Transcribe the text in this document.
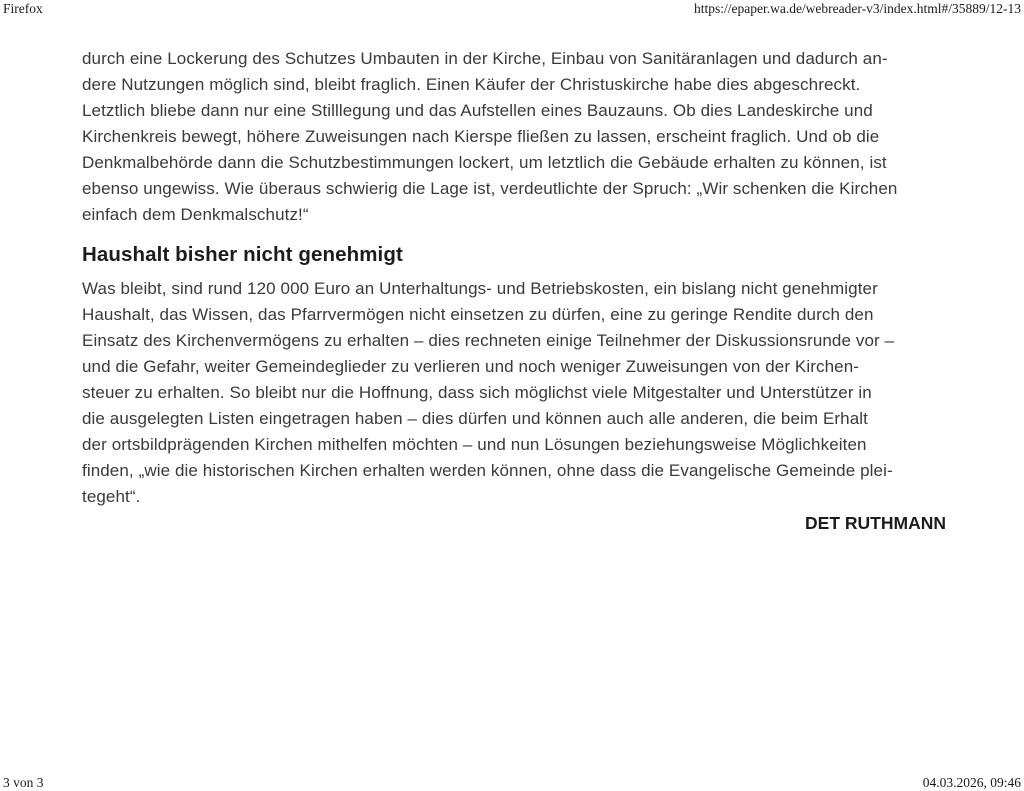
Firefox	https://epaper.wa.de/webreader-v3/index.html#/35889/12-13
durch eine Lockerung des Schutzes Umbauten in der Kirche, Einbau von Sanitäranlagen und dadurch an-
dere Nutzungen möglich sind, bleibt fraglich. Einen Käufer der Christuskirche habe dies abgeschreckt.
Letztlich bliebe dann nur eine Stilllegung und das Aufstellen eines Bauzauns. Ob dies Landeskirche und
Kirchenkreis bewegt, höhere Zuweisungen nach Kierspe fließen zu lassen, erscheint fraglich. Und ob die
Denkmalbehörde dann die Schutzbestimmungen lockert, um letztlich die Gebäude erhalten zu können, ist
ebenso ungewiss. Wie überaus schwierig die Lage ist, verdeutlichte der Spruch: „Wir schenken die Kirchen
einfach dem Denkmalschutz!“
Haushalt bisher nicht genehmigt
Was bleibt, sind rund 120 000 Euro an Unterhaltungs- und Betriebskosten, ein bislang nicht genehmigter
Haushalt, das Wissen, das Pfarrvermögen nicht einsetzen zu dürfen, eine zu geringe Rendite durch den
Einsatz des Kirchenvermögens zu erhalten – dies rechneten einige Teilnehmer der Diskussionsrunde vor –
und die Gefahr, weiter Gemeindeglieder zu verlieren und noch weniger Zuweisungen von der Kirchen-
steuer zu erhalten. So bleibt nur die Hoffnung, dass sich möglichst viele Mitgestalter und Unterstützer in
die ausgelegten Listen eingetragen haben – dies dürfen und können auch alle anderen, die beim Erhalt
der ortsbildprägenden Kirchen mithelfen möchten – und nun Lösungen beziehungsweise Möglichkeiten
finden, „wie die historischen Kirchen erhalten werden können, ohne dass die Evangelische Gemeinde plei-
tegeht“.
DET RUTHMANN
3 von 3	04.03.2026, 09:46
